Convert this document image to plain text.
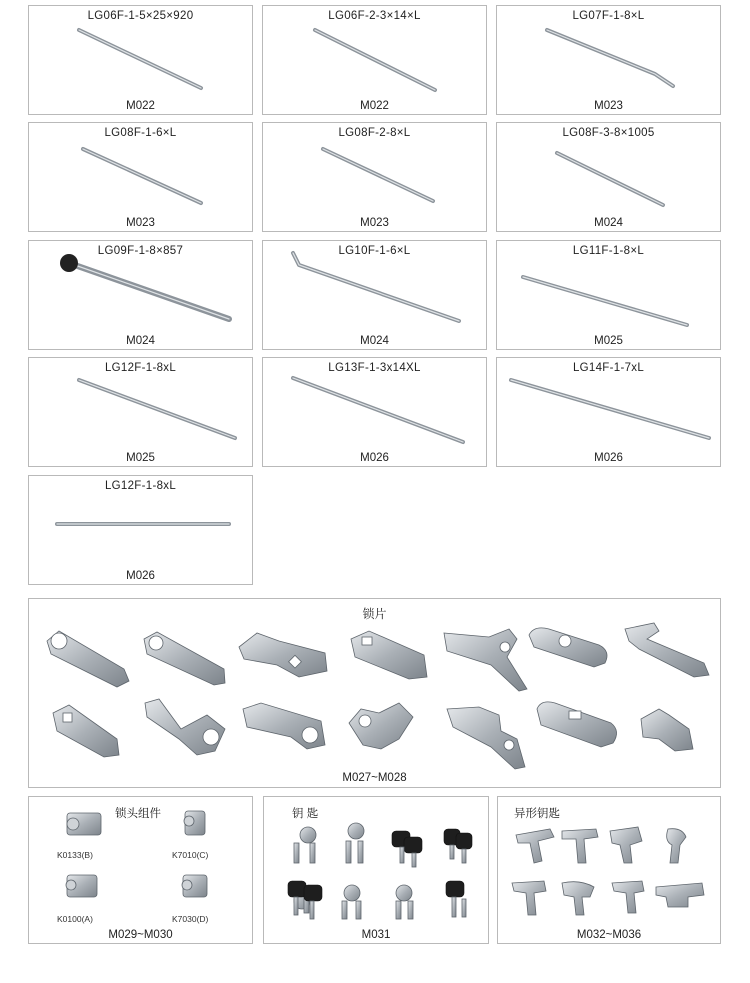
LG06F-1-5×25×920
M022
LG06F-2-3×14×L
M022
LG07F-1-8×L
M023
LG08F-1-6×L
M023
LG08F-2-8×L
M023
LG08F-3-8×1005
M024
LG09F-1-8×857
M024
LG10F-1-6×L
M024
LG11F-1-8×L
M025
LG12F-1-8xL
M025
LG13F-1-3x14XL
M026
LG14F-1-7xL
M026
LG12F-1-8xL
M026
锁片
M027~M028
锁头组件
K0133(B)	K7010(C)
K0100(A)	K7030(D)
M029~M030
钥 匙
M031
异形钥匙
M032~M036
